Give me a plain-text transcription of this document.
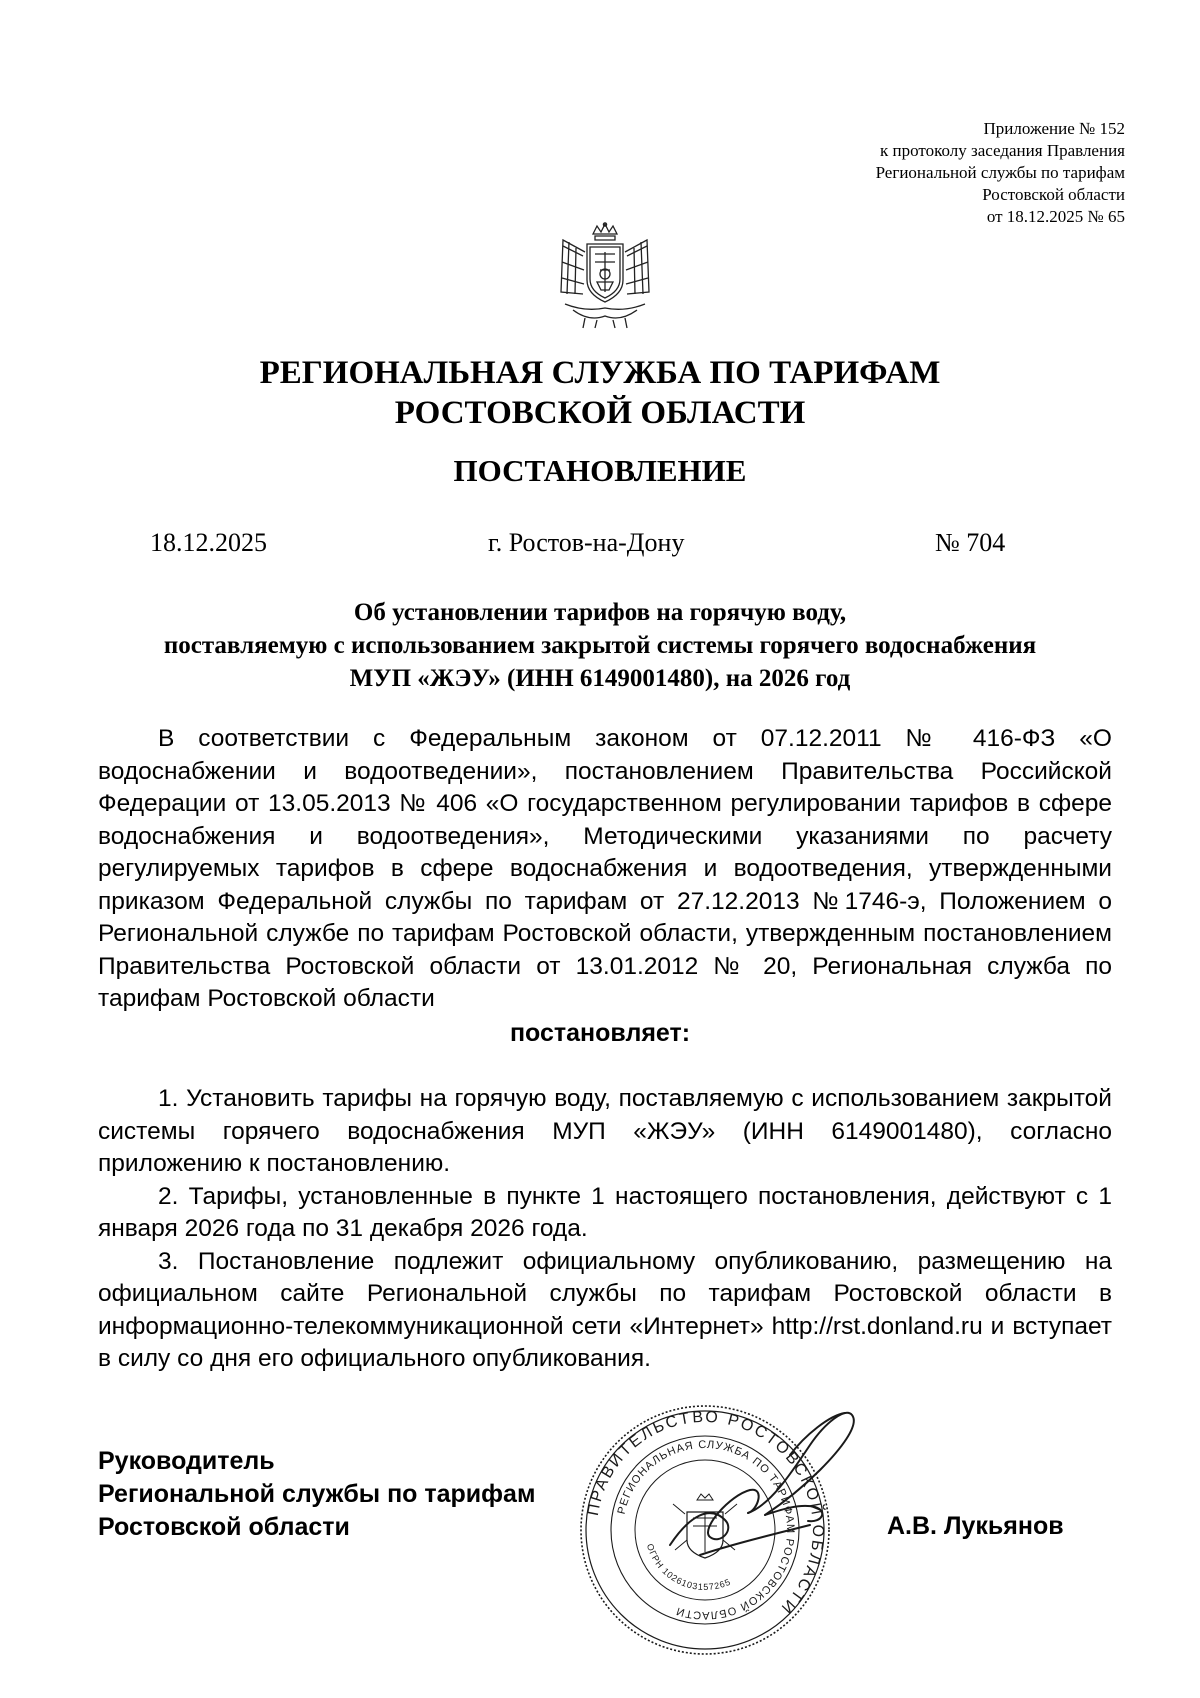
Приложение № 152
к протоколу заседания Правления
Региональной службы по тарифам
Ростовской области
от 18.12.2025 № 65
РЕГИОНАЛЬНАЯ СЛУЖБА ПО ТАРИФАМ
РОСТОВСКОЙ ОБЛАСТИ
ПОСТАНОВЛЕНИЕ
18.12.2025	г. Ростов-на-Дону	№ 704
Об установлении тарифов на горячую воду,
поставляемую с использованием закрытой системы горячего водоснабжения
МУП «ЖЭУ» (ИНН 6149001480), на 2026 год

В соответствии с Федеральным законом от 07.12.2011 № 416-ФЗ «О водоснабжении и водоотведении», постановлением Правительства Российской Федерации от 13.05.2013 № 406 «О государственном регулировании тарифов в сфере водоснабжения и водоотведения», Методическими указаниями по расчету регулируемых тарифов в сфере водоснабжения и водоотведения, утвержденными приказом Федеральной службы по тарифам от 27.12.2013 №1746-э, Положением о Региональной службе по тарифам Ростовской области, утвержденным постановлением Правительства Ростовской области от 13.01.2012 № 20, Региональная служба по тарифам Ростовской области

постановляет:

1. Установить тарифы на горячую воду, поставляемую с использованием закрытой системы горячего водоснабжения МУП «ЖЭУ» (ИНН 6149001480), согласно приложению к постановлению.

2. Тарифы, установленные в пункте 1 настоящего постановления, действуют с 1 января 2026 года по 31 декабря 2026 года.

3. Постановление подлежит официальному опубликованию, размещению на официальном сайте Региональной службы по тарифам Ростовской области в информационно-телекоммуникационной сети «Интернет» http://rst.donland.ru и вступает в силу со дня его официального опубликования.

Руководитель
Региональной службы по тарифам
Ростовской области
ПРАВИТЕЛЬСТВО РОСТОВСКОЙ ОБЛАСТИ
РЕГИОНАЛЬНАЯ СЛУЖБА ПО ТАРИФАМ РОСТОВСКОЙ ОБЛАСТИ
ОГРН 1026103157265
А.В. Лукьянов
